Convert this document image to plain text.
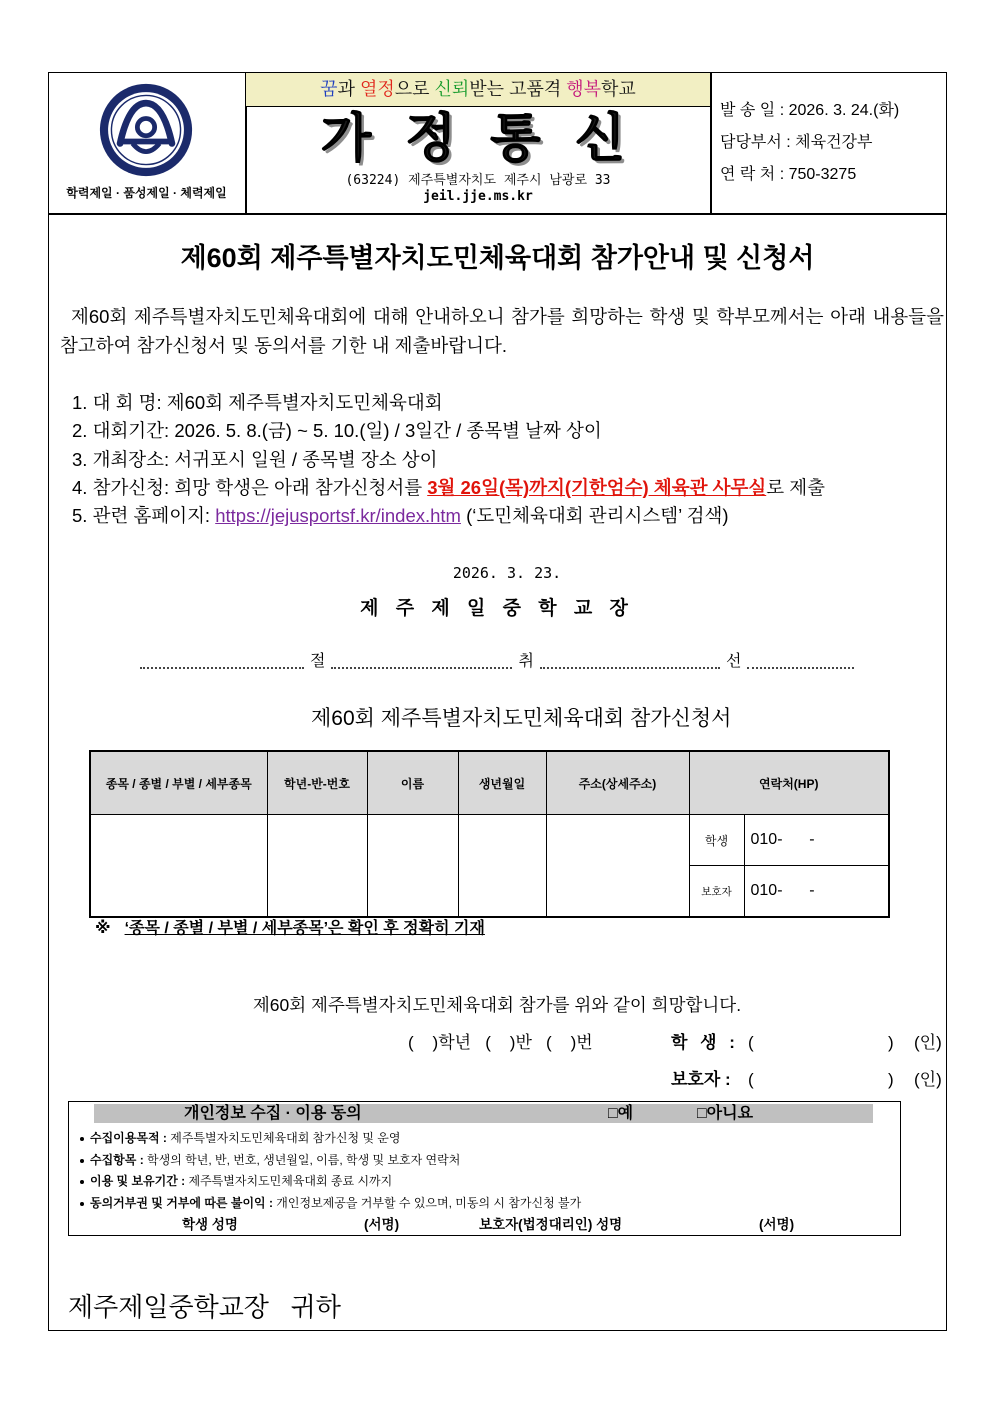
학력제일 · 품성제일 · 체력제일
꿈과 열정으로 신뢰받는 고품격 행복학교
가 정 통 신
(63224) 제주특별자치도 제주시 남광로 33
jeil.jje.ms.kr
발 송 일 : 2026. 3. 24.(화)
담당부서 : 체육건강부
연 락 처 : 750-3275
제60회 제주특별자치도민체육대회 참가안내 및 신청서
제60회 제주특별자치도민체육대회에 대해 안내하오니 참가를 희망하는 학생 및 학부모께서는 아래 내용들을 참고하여 참가신청서 및 동의서를 기한 내 제출바랍니다.
1. 대 회 명: 제60회 제주특별자치도민체육대회
2. 대회기간: 2026. 5. 8.(금) ~ 5. 10.(일) / 3일간 / 종목별 날짜 상이
3. 개최장소: 서귀포시 일원 / 종목별 장소 상이
4. 참가신청: 희망 학생은 아래 참가신청서를 3월 26일(목)까지(기한엄수) 체육관 사무실로 제출
5. 관련 홈페이지: https://jejusportsf.kr/index.htm (‘도민체육대회 관리시스템’ 검색)
2026. 3. 23.
제 주 제 일 중 학 교 장
절	취	선
제60회 제주특별자치도민체육대회 참가신청서
종목 / 종별 / 부별 / 세부종목	학년-반-번호	이름	생년월일	주소(상세주소)	연락처(HP)	
					학생	010-      -
					보호자	010-      -
※ ‘종목 / 종별 / 부별 / 세부종목’은 확인 후 정확히 기재
제60회 제주특별자치도민체육대회 참가를 위와 같이 희망합니다.
(    )학년   (    )반   (    )번	학 생 : (	) (인)
보호자 : (	) (인)
개인정보 수집 · 이용 동의	□예	□아니요
수집이용목적 : 제주특별자치도민체육대회 참가신청 및 운영
수집항목 : 학생의 학년, 반, 번호, 생년월일, 이름, 학생 및 보호자 연락처
이용 및 보유기간 : 제주특별자치도민체육대회 종료 시까지
동의거부권 및 거부에 따른 불이익 : 개인정보제공을 거부할 수 있으며, 미동의 시 참가신청 불가
학생 성명	(서명)	보호자(법정대리인) 성명	(서명)
제주제일중학교장   귀하
